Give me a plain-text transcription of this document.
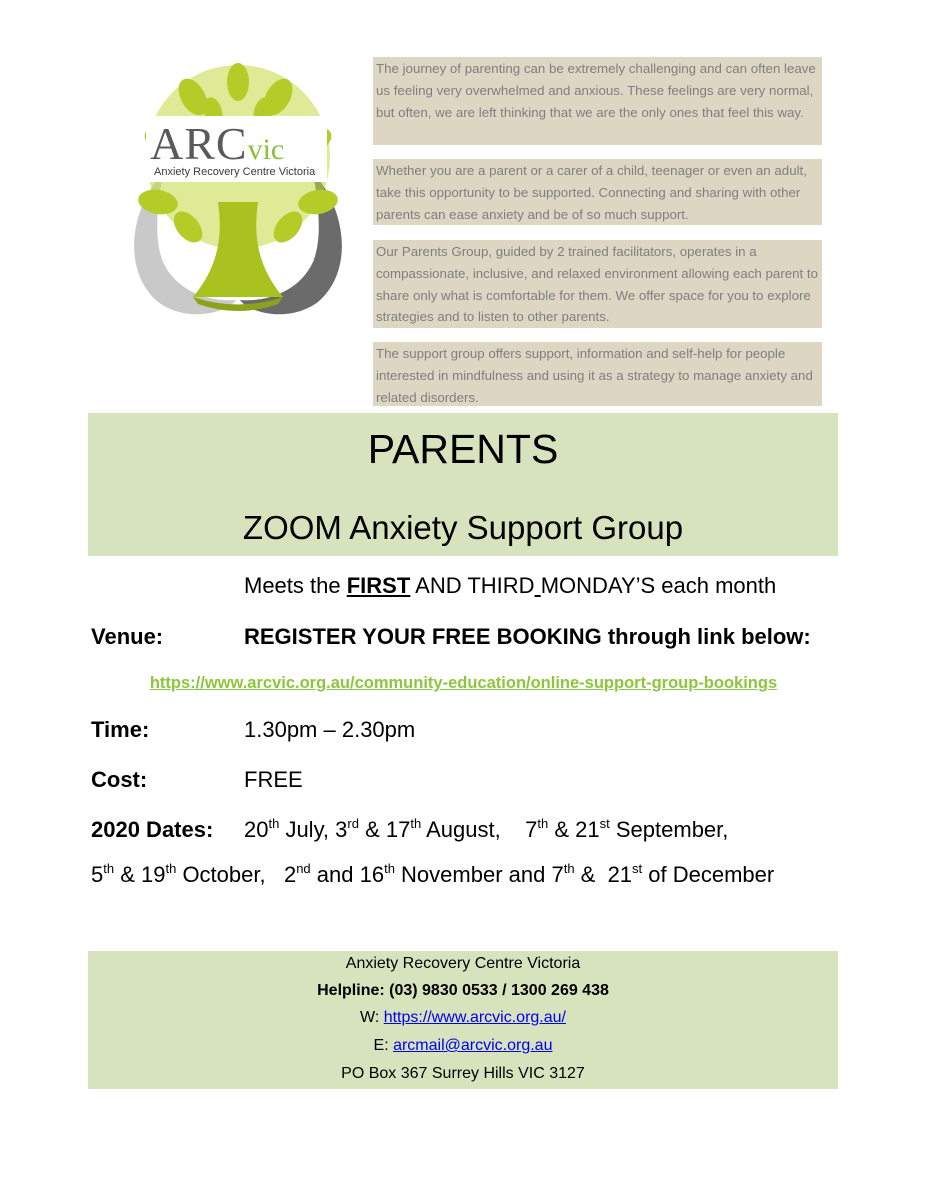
ARCvic
Anxiety Recovery Centre Victoria
The journey of parenting can be extremely challenging and can often leave us feeling very overwhelmed and anxious. These feelings are very normal, but often, we are left thinking that we are the only ones that feel this way.
Whether you are a parent or a carer of a child, teenager or even an adult, take this opportunity to be supported. Connecting and sharing with other parents can ease anxiety and be of so much support.
Our Parents Group, guided by 2 trained facilitators, operates in a compassionate, inclusive, and relaxed environment allowing each parent to share only what is comfortable for them. We offer space for you to explore strategies and to listen to other parents.
The support group offers support, information and self-help for people interested in mindfulness and using it as a strategy to manage anxiety and related disorders.
PARENTS
ZOOM Anxiety Support Group
Meets the FIRST AND THIRD MONDAY’S each month
Venue:	REGISTER YOUR FREE BOOKING through link below:
https://www.arcvic.org.au/community-education/online-support-group-bookings
Time:	1.30pm – 2.30pm
Cost:	FREE
2020 Dates: 20th July, 3rd & 17th August,    7th & 21st September,
5th & 19th October,   2nd and 16th November and 7th &  21st of December
Anxiety Recovery Centre Victoria
Helpline: (03) 9830 0533 / 1300 269 438
W: https://www.arcvic.org.au/
E: arcmail@arcvic.org.au
PO Box 367 Surrey Hills VIC 3127
